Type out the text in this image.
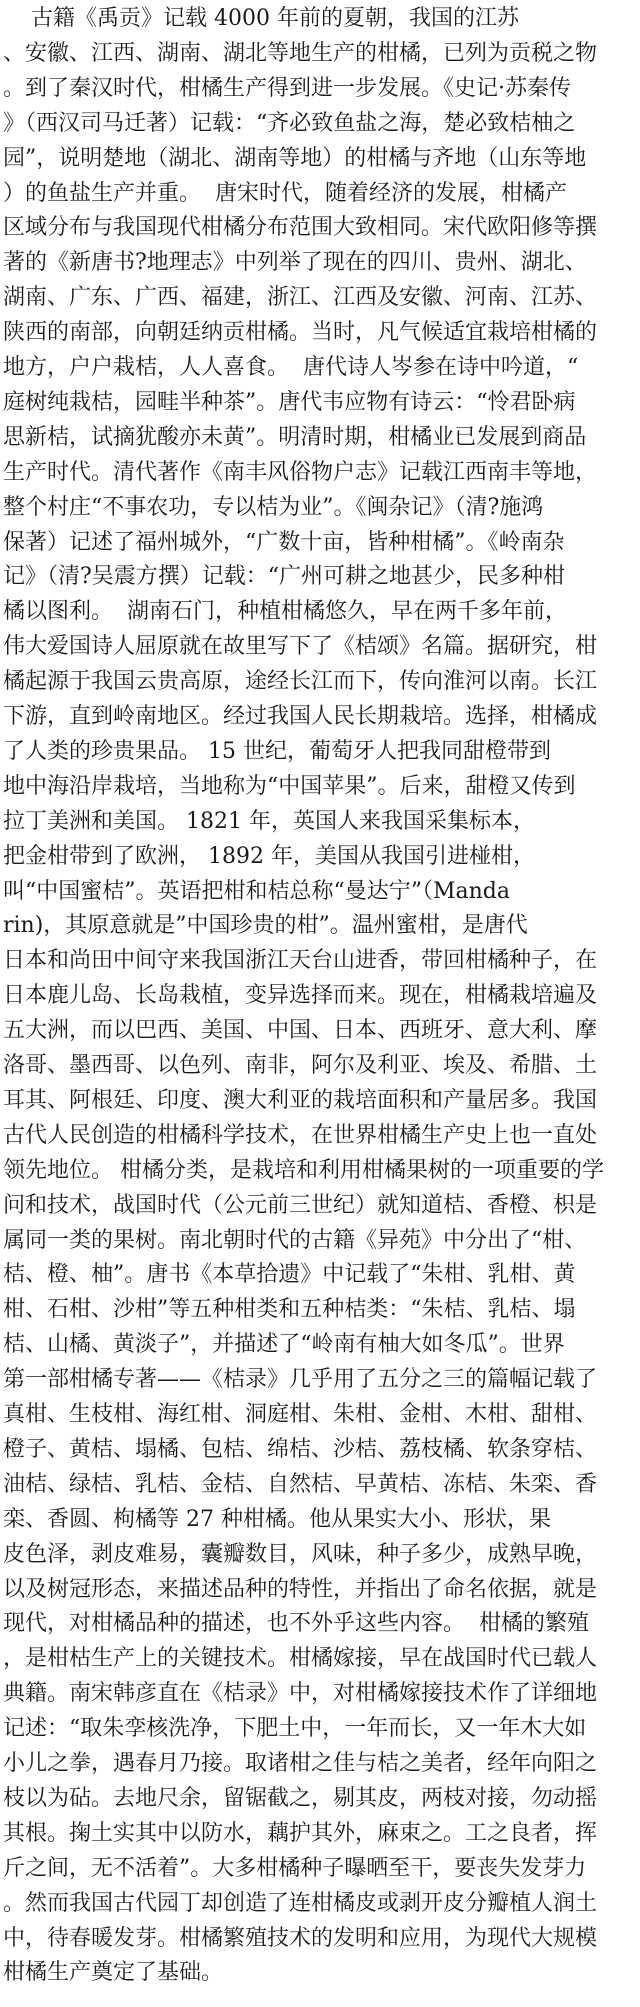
古籍《禹贡》记载 4000 年前的夏朝，我国的江苏
、安徽、江西、湖南、湖北等地生产的柑橘，已列为贡税之物
。到了秦汉时代，柑橘生产得到进一步发展。《史记·苏秦传
》（西汉司马迁著）记载：“齐必致鱼盐之海，楚必致桔柚之
园”，说明楚地（湖北、湖南等地）的柑橘与齐地（山东等地
）的鱼盐生产并重。  唐宋时代，随着经济的发展，柑橘产
区域分布与我国现代柑橘分布范围大致相同。宋代欧阳修等撰
著的《新唐书?地理志》中列举了现在的四川、贵州、湖北、
湖南、广东、广西、福建，浙江、江西及安徽、河南、江苏、
陕西的南部，向朝廷纳贡柑橘。当时，凡气候适宜栽培柑橘的
地方，户户栽桔，人人喜食。  唐代诗人岑参在诗中吟道，“
庭树纯栽桔，园畦半种茶”。唐代韦应物有诗云：“怜君卧病
思新桔，试摘犹酸亦未黄”。明清时期，柑橘业已发展到商品
生产时代。清代著作《南丰风俗物户志》记载江西南丰等地，
整个村庄“不事农功，专以桔为业”。《闽杂记》（清?施鸿
保著）记述了福州城外，“广数十亩，皆种柑橘”。《岭南杂
记》（清?吴震方撰）记载：“广州可耕之地甚少，民多种柑
橘以图利。  湖南石门，种植柑橘悠久，早在两千多年前，
伟大爱国诗人屈原就在故里写下了《桔颂》名篇。据研究，柑
橘起源于我国云贵高原，途经长江而下，传向淮河以南。长江
下游，直到岭南地区。经过我国人民长期栽培。选择，柑橘成
了人类的珍贵果品。 15 世纪，葡萄牙人把我同甜橙带到
地中海沿岸栽培，当地称为“中国苹果”。后来，甜橙又传到
拉丁美洲和美国。 1821 年，英国人来我国采集标本，
把金柑带到了欧洲， 1892 年，美国从我国引进椪柑，
叫“中国蜜桔”。英语把柑和桔总称“曼达宁”（Manda
rin)，其原意就是”中国珍贵的柑”。温州蜜柑，是唐代
日本和尚田中间守来我国浙江天台山进香，带回柑橘种子，在
日本鹿儿岛、长岛栽植，变异选择而来。现在，柑橘栽培遍及
五大洲，而以巴西、美国、中国、日本、西班牙、意大利、摩
洛哥、墨西哥、以色列、南非，阿尔及利亚、埃及、希腊、土
耳其、阿根廷、印度、澳大利亚的栽培面积和产量居多。我国
古代人民创造的柑橘科学技术，在世界柑橘生产史上也一直处
领先地位。 柑橘分类，是栽培和利用柑橘果树的一项重要的学
问和技术，战国时代（公元前三世纪）就知道桔、香橙、枳是
属同一类的果树。南北朝时代的古籍《异苑》中分出了“柑、
桔、橙、柚”。唐书《本草拾遗》中记载了“朱柑、乳柑、黄
柑、石柑、沙柑”等五种柑类和五种桔类：“朱桔、乳桔、塌
桔、山橘、黄淡子”，并描述了“岭南有柚大如冬瓜”。世界
第一部柑橘专著——《桔录》几乎用了五分之三的篇幅记载了
真柑、生枝柑、海红柑、洞庭柑、朱柑、金柑、木柑、甜柑、
橙子、黄桔、塌橘、包桔、绵桔、沙桔、荔枝橘、软条穿桔、
油桔、绿桔、乳桔、金桔、自然桔、早黄桔、冻桔、朱栾、香
栾、香圆、枸橘等 27 种柑橘。他从果实大小、形状，果
皮色泽，剥皮难易，囊瓣数目，风味，种子多少，成熟早晚，
以及树冠形态，来描述品种的特性，并指出了命名依据，就是
现代，对柑橘品种的描述，也不外乎这些内容。  柑橘的繁殖
，是柑枯生产上的关键技术。柑橘嫁接，早在战国时代已载人
典籍。南宋韩彦直在《桔录》中，对柑橘嫁接技术作了详细地
记述：“取朱孪核洗净，下肥土中，一年而长，又一年木大如
小儿之拳，遇春月乃接。取诸柑之佳与桔之美者，经年向阳之
枝以为砧。去地尺余，留锯截之，剔其皮，两枝对接，勿动摇
其根。掬土实其中以防水，藕护其外，麻束之。工之良者，挥
斤之间，无不活着”。大多柑橘种子曝晒至干，要丧失发芽力
。然而我国古代园丁却创造了连柑橘皮或剥开皮分瓣植人润土
中，待春暖发芽。柑橘繁殖技术的发明和应用，为现代大规模
柑橘生产奠定了基础。
